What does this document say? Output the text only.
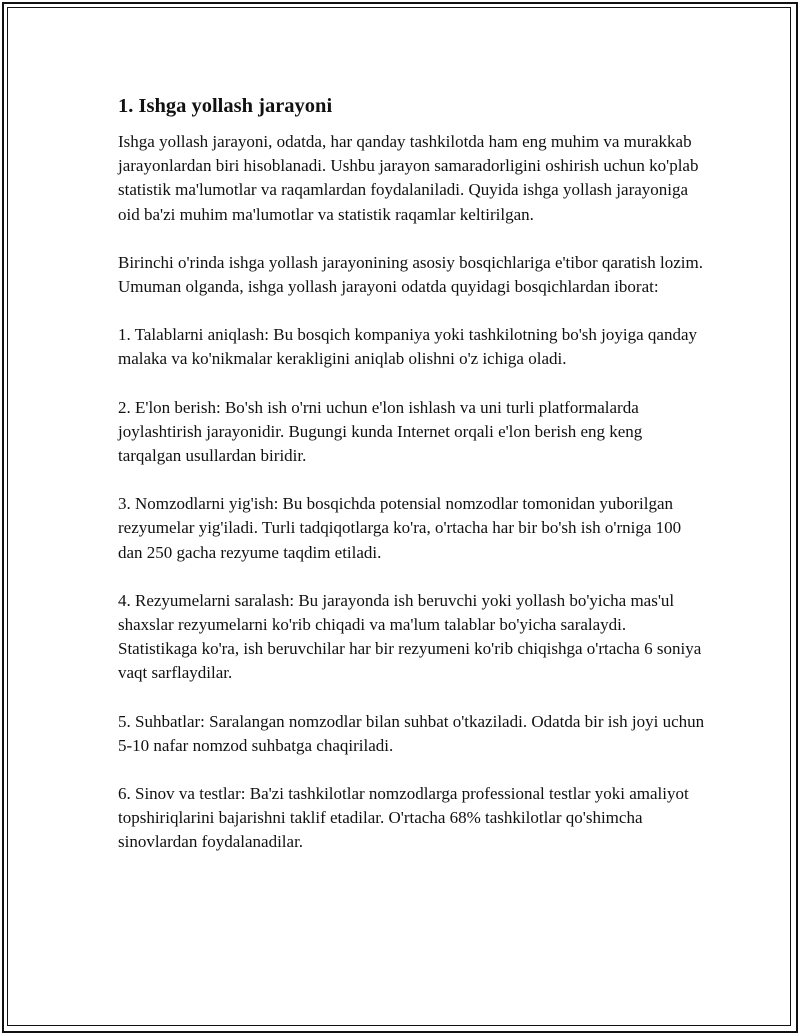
1. Ishga yollash jarayoni

Ishga yollash jarayoni, odatda, har qanday tashkilotda ham eng muhim va murakkab jarayonlardan biri hisoblanadi. Ushbu jarayon samaradorligini oshirish uchun ko'plab statistik ma'lumotlar va raqamlardan foydalaniladi. Quyida ishga yollash jarayoniga oid ba'zi muhim ma'lumotlar va statistik raqamlar keltirilgan.

Birinchi o'rinda ishga yollash jarayonining asosiy bosqichlariga e'tibor qaratish lozim. Umuman olganda, ishga yollash jarayoni odatda quyidagi bosqichlardan iborat:

1. Talablarni aniqlash: Bu bosqich kompaniya yoki tashkilotning bo'sh joyiga qanday malaka va ko'nikmalar kerakligini aniqlab olishni o'z ichiga oladi.

2. E'lon berish: Bo'sh ish o'rni uchun e'lon ishlash va uni turli platformalarda joylashtirish jarayonidir. Bugungi kunda Internet orqali e'lon berish eng keng tarqalgan usullardan biridir.

3. Nomzodlarni yig'ish: Bu bosqichda potensial nomzodlar tomonidan yuborilgan rezyumelar yig'iladi. Turli tadqiqotlarga ko'ra, o'rtacha har bir bo'sh ish o'rniga 100 dan 250 gacha rezyume taqdim etiladi.

4. Rezyumelarni saralash: Bu jarayonda ish beruvchi yoki yollash bo'yicha mas'ul shaxslar rezyumelarni ko'rib chiqadi va ma'lum talablar bo'yicha saralaydi. Statistikaga ko'ra, ish beruvchilar har bir rezyumeni ko'rib chiqishga o'rtacha 6 soniya vaqt sarflaydilar.

5. Suhbatlar: Saralangan nomzodlar bilan suhbat o'tkaziladi. Odatda bir ish joyi uchun 5-10 nafar nomzod suhbatga chaqiriladi.

6. Sinov va testlar: Ba'zi tashkilotlar nomzodlarga professional testlar yoki amaliyot topshiriqlarini bajarishni taklif etadilar. O'rtacha 68% tashkilotlar qo'shimcha sinovlardan foydalanadilar.
